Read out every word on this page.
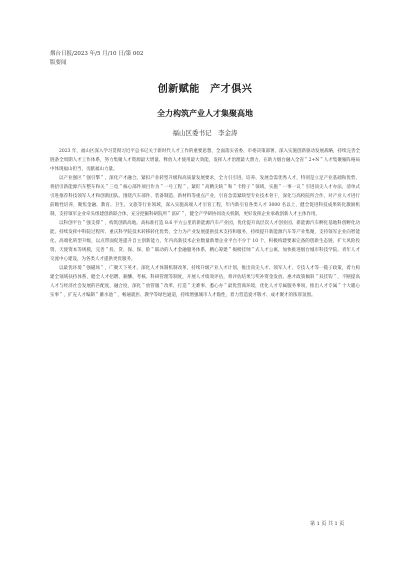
烟台日报/2023 年/5 月/10 日/第 002
版要闻
创新赋能　产才俱兴
全力构筑产业人才集聚高地
福山区委书记　李金涛

2023 年，福山区深入学习贯彻习近平总书记关于新时代人才工作的重要思想，全面落实省委、市委决策部署，深入实施创新驱动发展战略，持续完善全链条全周期人才工作体系，努力集聚人才资源最大增量、释放人才使用最大效能，发挥人才治理最大潜力，在助力烟台融入全省＂2+N＂人才集聚雁阵格局中体现福山担当，贡献福山力量。

以产业强区＂强引擎＂，深化产才融合。紧扣产业转型升级和高质量发展要求，全力引引进、培养、发展急需优秀人才，特别是立足产业基础和优势，将招引新能源汽车整车和关＂三电＂核心部件项目作为＂一号工程＂。紧盯＂高精尖缺＂和＂卡脖子＂领域，实施＂一事一议＂引进顶尖人才办法，清单式引进推荐科技领军人才和创新团队。围绕汽车部件、装备制造、新材料等重点产业，引育急需紧缺型专业技术骨干，深化与高校院所合作，对产业人才进行前瞻性培养，聚焦金融、教育、卫生、文旅等行业领域，深入实施高端人才引育工程，年内新引育各类人才 3000 名以上，健全促进科技成果转化激励机制，支持领军企业牵头组建创新联合体，充分挖掘科研院所＂富矿＂，健全产学研协同攻关机制，更好发挥企业承载创新人才主体作用。

以科创平台＂强支撑＂，构筑创新高地。高标准打造 8.6 平方公里的新能源汽车产业园，优化提升高层次人才创业园、新能源汽车孵化基地科创孵化功能，持续发挥中科院过程所、重庆科学院技术转移转化优势，全力为产业发展提供技术支持和服务，持续提升新能源汽车等产业集聚，支持领军企业向智能化、高端化转型升级，以点带面促进提升自主创新能力，年内高新技术企业数量新增企业平台不少于 10 个，积极构建要素完备的创新生态链，扩大风险投资、天使资本等规模，完善＂投、贷、保、保、险＂联动的人才金融服务体系，精心筹建＂揭榜挂帅＂式人才公寓，加快推进烟台城市科技学院、青年人才交流中心建设，为各类人才提供更优服务。

以最优环境＂强磁场＂，广聚天下英才。深化人才体制机制改革，持续升级产业人才计划，推出顶尖人才、领军人才、专技人才等一揽子政策，着力构建全领域扶持体系，健全人才招聘、薪酬、考核、科研管理等制度，开展人才绩效评估，将评估结果与奖补资金发放、惠才政策倾斜＂双挂钩＂，不断提高人才与经济社会发展的匹配度，融合度，深化＂放管服＂改革，打造＂无难事、悉心办＂最优营商环境，优化人才专属服务事项，推出人才专属＂十大暖心实事＂，扩充人才编制＂蓄水池＂，畅通就医、教学等绿色通道，持续增强城市人才黏性，着力营造爱才敬才、成才聚才的浓厚氛围。

第 1 页 共 1 页
